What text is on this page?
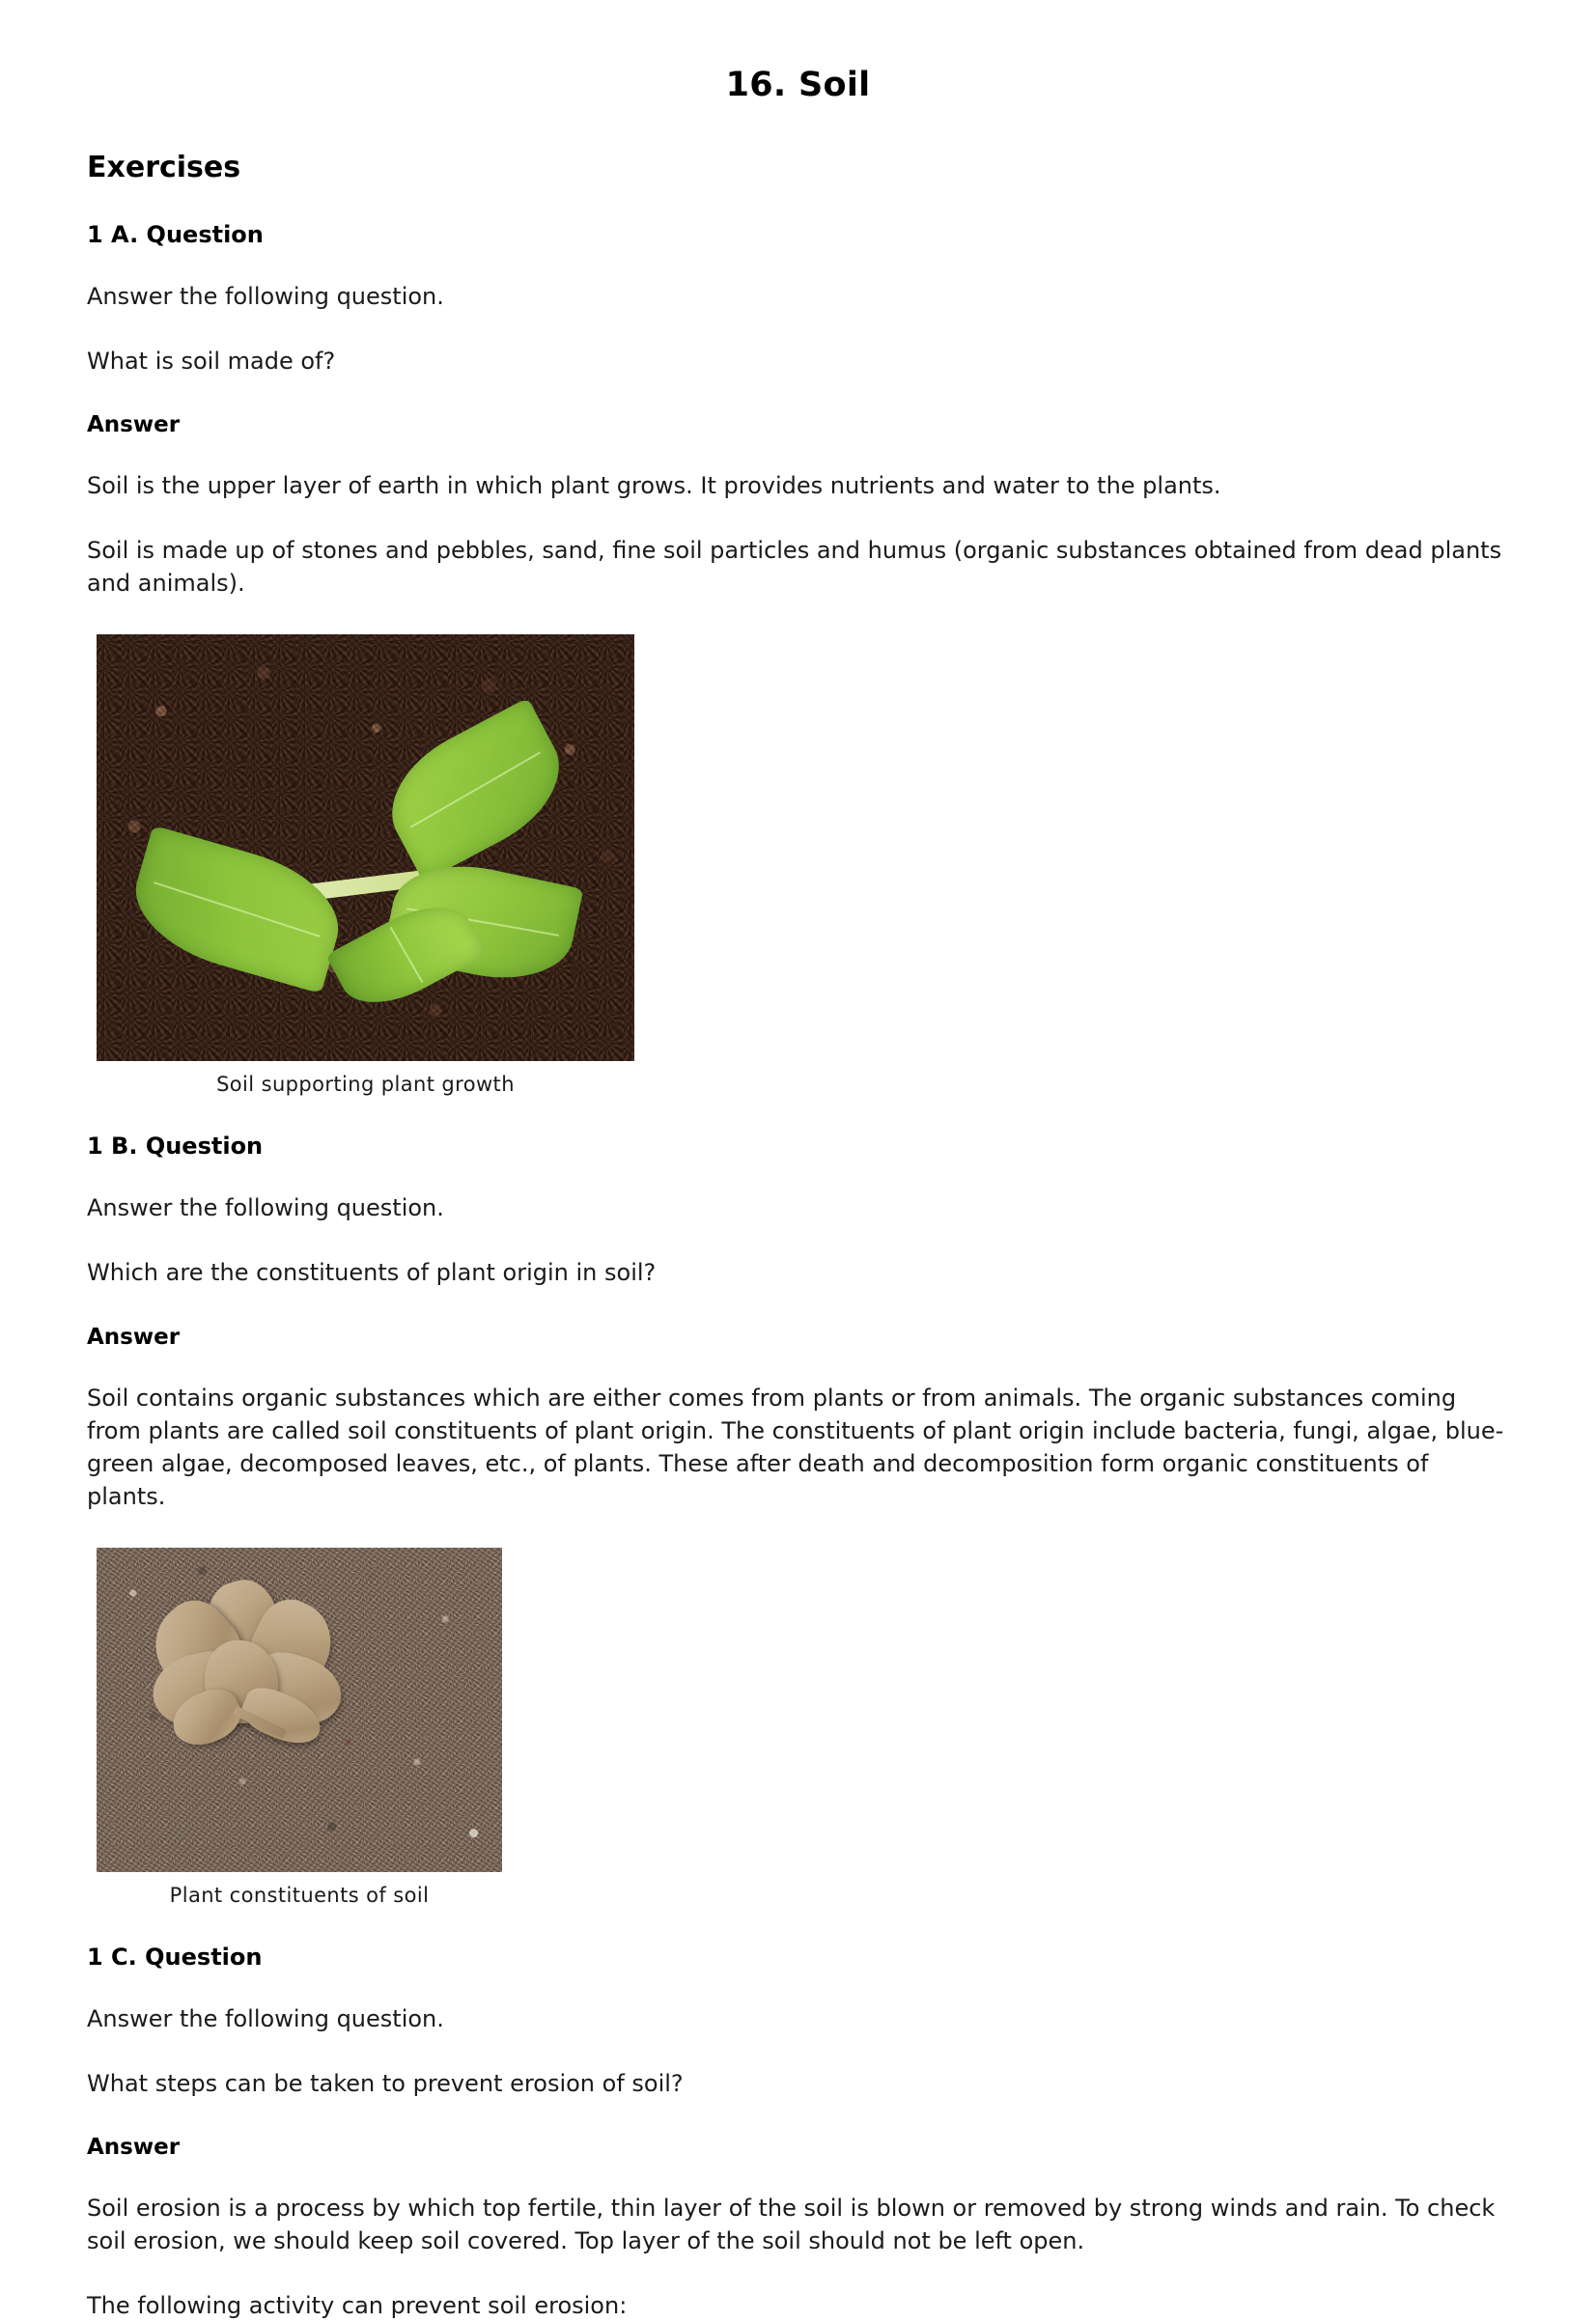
16. Soil
Exercises
1 A. Question

Answer the following question.

What is soil made of?

Answer

Soil is the upper layer of earth in which plant grows. It provides nutrients and water to the plants.

Soil is made up of stones and pebbles, sand, fine soil particles and humus (organic substances obtained from dead plants and animals).

Soil supporting plant growth
1 B. Question

Answer the following question.

Which are the constituents of plant origin in soil?

Answer

Soil contains organic substances which are either comes from plants or from animals. The organic substances coming from plants are called soil constituents of plant origin. The constituents of plant origin include bacteria, fungi, algae, blue-green algae, decomposed leaves, etc., of plants. These after death and decomposition form organic constituents of plants.

Plant constituents of soil
1 C. Question

Answer the following question.

What steps can be taken to prevent erosion of soil?

Answer

Soil erosion is a process by which top fertile, thin layer of the soil is blown or removed by strong winds and rain. To check soil erosion, we should keep soil covered. Top layer of the soil should not be left open.

The following activity can prevent soil erosion:
